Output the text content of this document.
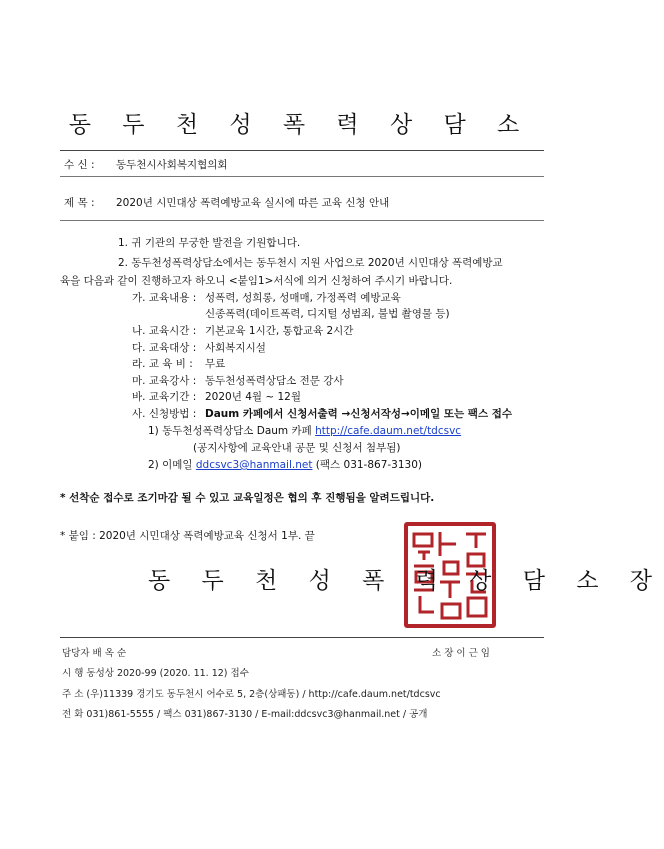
동 두 천 성 폭 력 상 담 소
수 신 : 동두천시사회복지협의회
제 목 : 2020년 시민대상 폭력예방교육 실시에 따른 교육 신청 안내
1. 귀 기관의 무궁한 발전을 기원합니다.
2. 동두천성폭력상담소에서는 동두천시 지원 사업으로 2020년 시민대상 폭력예방교
육을 다음과 같이 진행하고자 하오니 <붙임1>서식에 의거 신청하여 주시기 바랍니다.
가. 교육내용 : 성폭력, 성희롱, 성매매, 가정폭력 예방교육
신종폭력(데이트폭력, 디지털 성범죄, 불법 촬영물 등)
나. 교육시간 : 기본교육 1시간, 통합교육 2시간
다. 교육대상 : 사회복지시설
라. 교 육 비 : 무료
마. 교육강사 : 동두천성폭력상담소 전문 강사
바. 교육기간 : 2020년 4월 ~ 12월
사. 신청방법 : Daum 카페에서 신청서출력 →신청서작성→이메일 또는 팩스 접수
1) 동두천성폭력상담소 Daum 카페 http://cafe.daum.net/tdcsvc
(공지사항에 교육안내 공문 및 신청서 첨부됨)
2) 이메일 ddcsvc3@hanmail.net (팩스 031-867-3130)
* 선착순 접수로 조기마감 될 수 있고 교육일정은 협의 후 진행됨을 알려드립니다.
* 붙임 : 2020년 시민대상 폭력예방교육 신청서 1부. 끝
동 두 천 성 폭 력 상 담 소 장
담당자 배 옥 순	소 장 이 근 임
시 행 동성상 2020-99 (2020. 11. 12) 접수
주 소 (우)11339 경기도 동두천시 어수로 5, 2층(상패동) / http://cafe.daum.net/tdcsvc
전 화 031)861-5555 / 팩스 031)867-3130 / E-mail:ddcsvc3@hanmail.net / 공개
